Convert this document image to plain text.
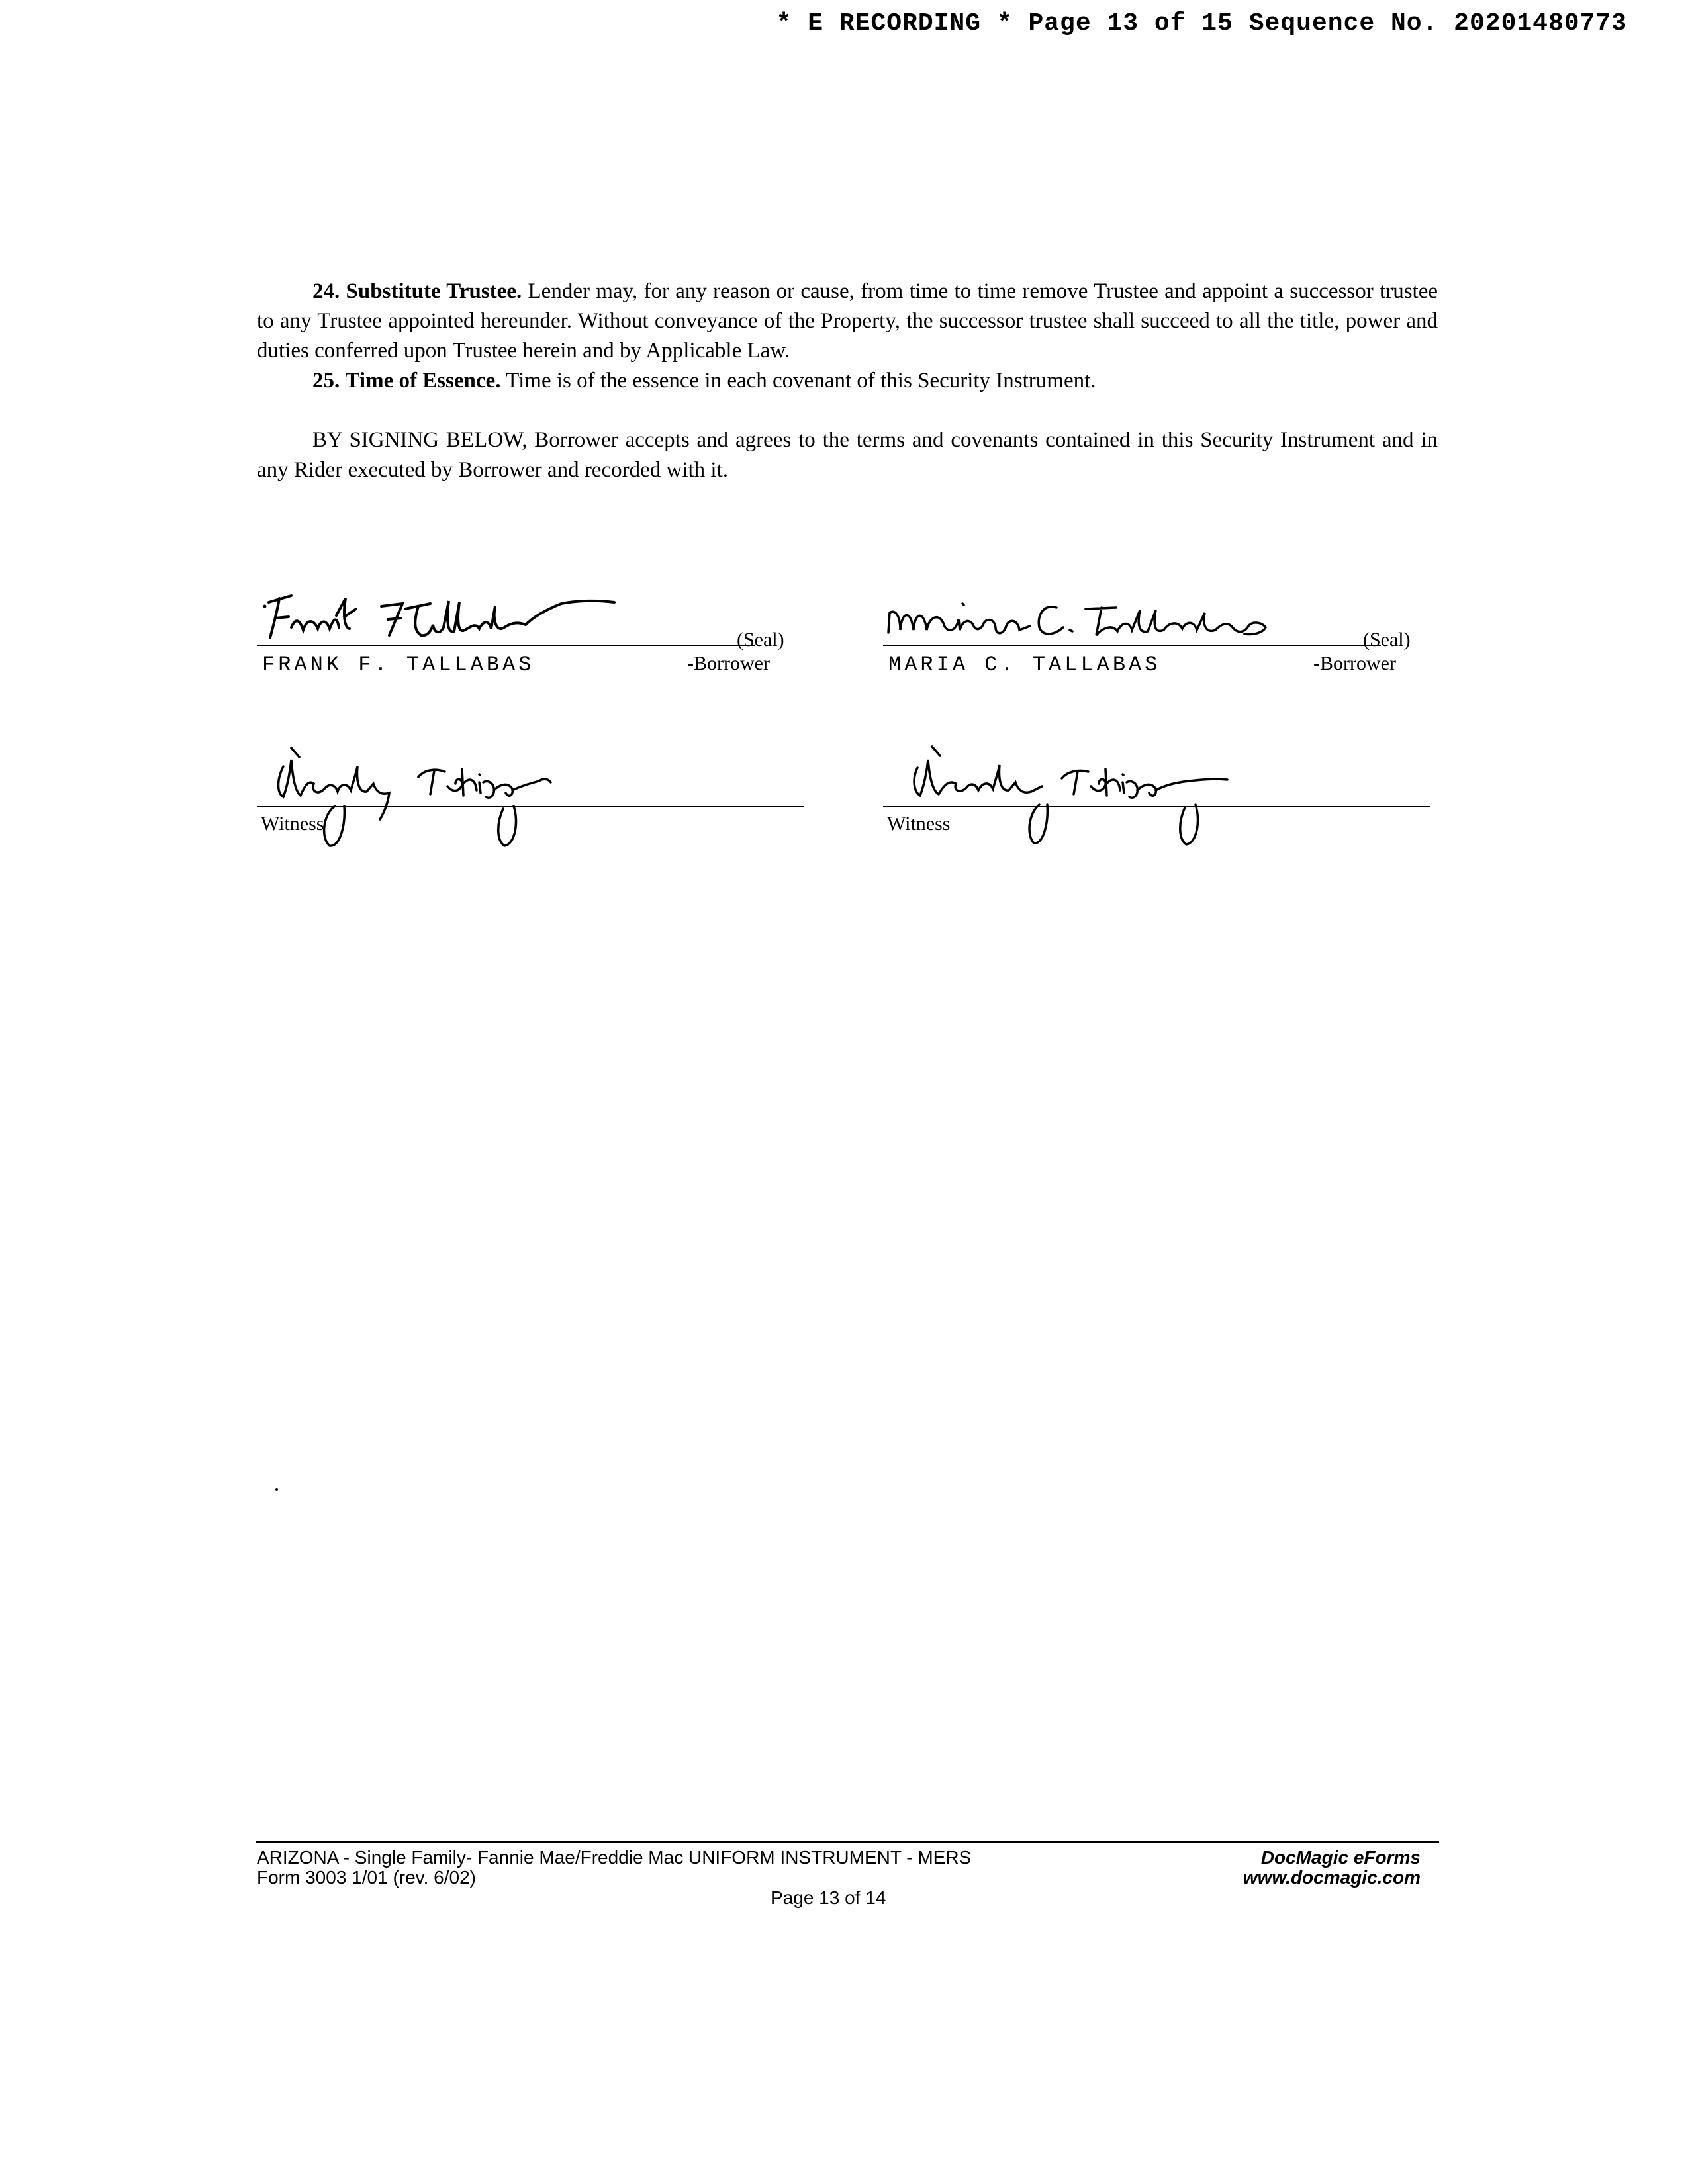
* E RECORDING * Page 13 of 15 Sequence No. 20201480773

24. Substitute Trustee. Lender may, for any reason or cause, from time to time remove Trustee and appoint a successor trustee to any Trustee appointed hereunder. Without conveyance of the Property, the successor trustee shall succeed to all the title, power and duties conferred upon Trustee herein and by Applicable Law.

25. Time of Essence. Time is of the essence in each covenant of this Security Instrument.

BY SIGNING BELOW, Borrower accepts and agrees to the terms and covenants contained in this Security Instrument and in any Rider executed by Borrower and recorded with it.

(Seal)
FRANK F. TALLABAS	-Borrower
(Seal)
MARIA C. TALLABAS	-Borrower
Witness	Witness
ARIZONA - Single Family- Fannie Mae/Freddie Mac UNIFORM INSTRUMENT - MERS
Form 3003 1/01 (rev. 6/02)
Page 13 of 14
DocMagic eForms
www.docmagic.com
